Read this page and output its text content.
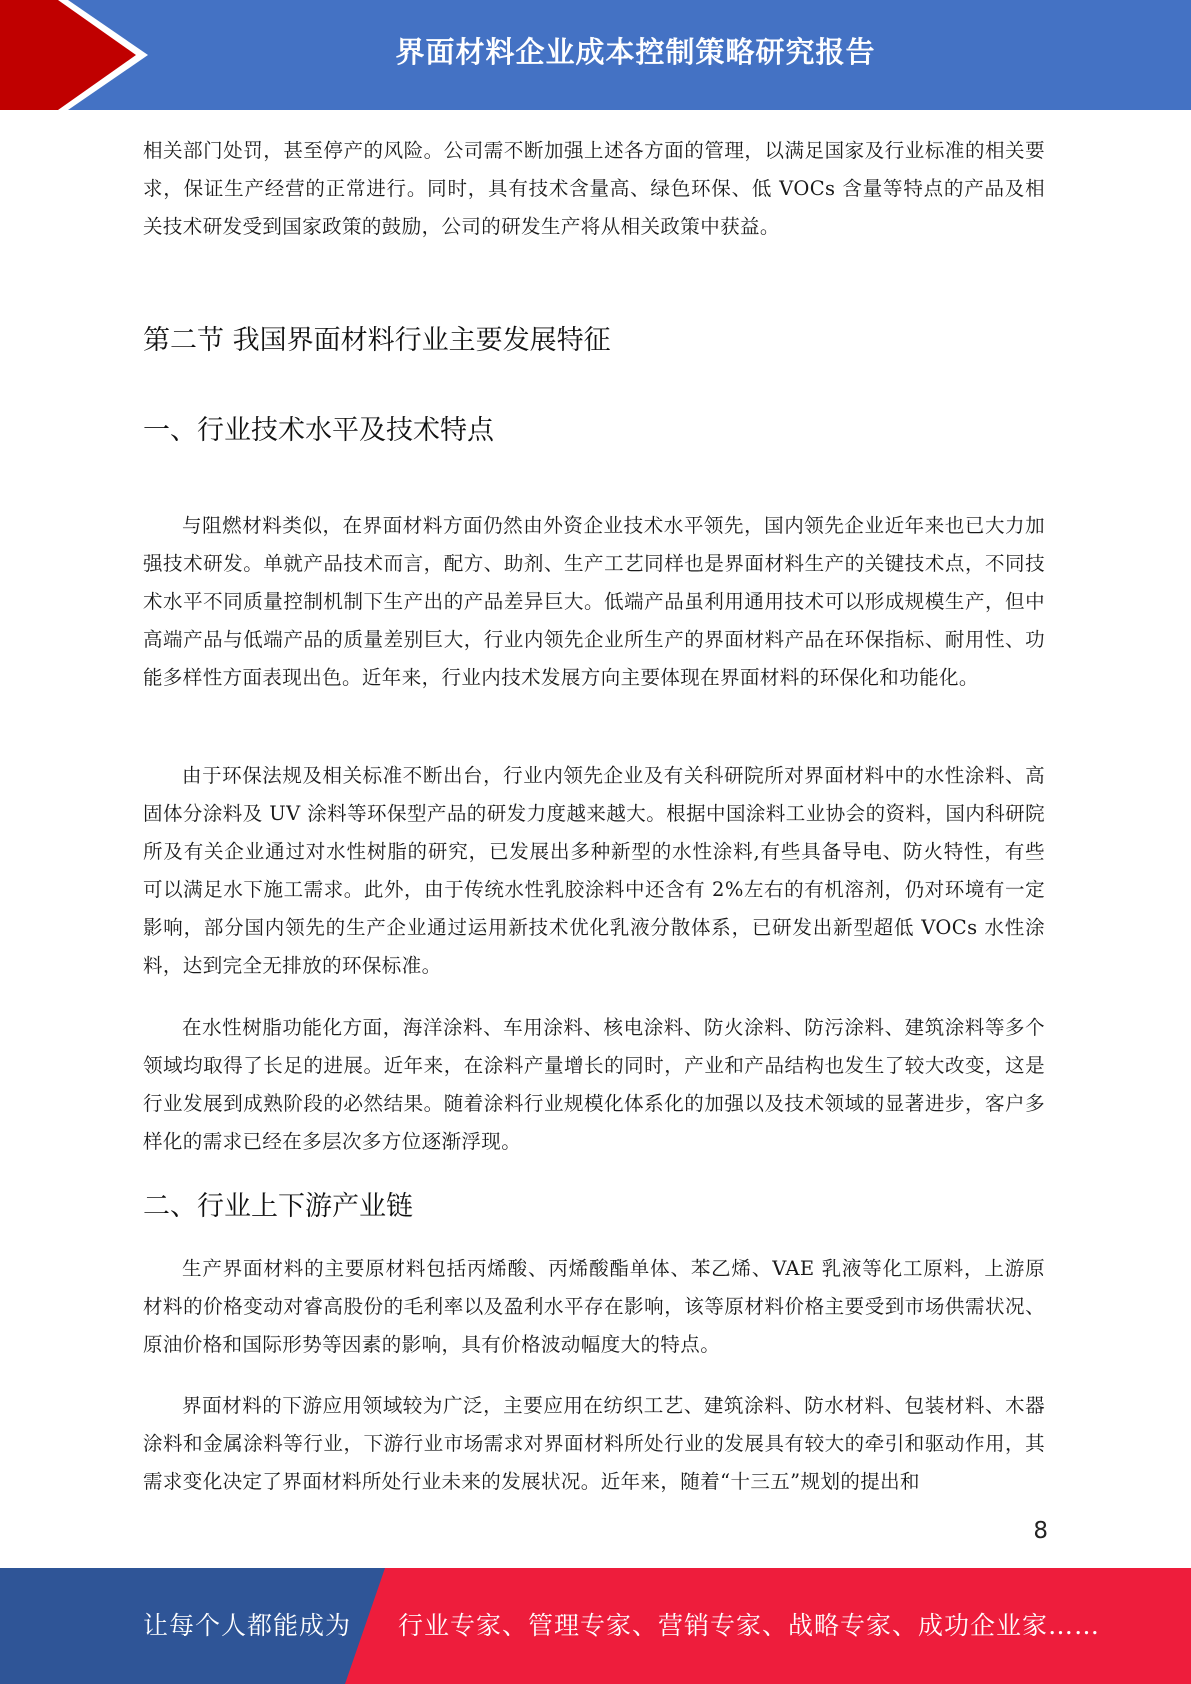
界面材料企业成本控制策略研究报告

相关部门处罚，甚至停产的风险。公司需不断加强上述各方面的管理，以满足国家及行业标准的相关要求，保证生产经营的正常进行。同时，具有技术含量高、绿色环保、低 VOCs 含量等特点的产品及相关技术研发受到国家政策的鼓励，公司的研发生产将从相关政策中获益。

第二节 我国界面材料行业主要发展特征
一、行业技术水平及技术特点

与阻燃材料类似，在界面材料方面仍然由外资企业技术水平领先，国内领先企业近年来也已大力加强技术研发。单就产品技术而言，配方、助剂、生产工艺同样也是界面材料生产的关键技术点，不同技术水平不同质量控制机制下生产出的产品差异巨大。低端产品虽利用通用技术可以形成规模生产，但中高端产品与低端产品的质量差别巨大，行业内领先企业所生产的界面材料产品在环保指标、耐用性、功能多样性方面表现出色。近年来，行业内技术发展方向主要体现在界面材料的环保化和功能化。

由于环保法规及相关标准不断出台，行业内领先企业及有关科研院所对界面材料中的水性涂料、高固体分涂料及 UV 涂料等环保型产品的研发力度越来越大。根据中国涂料工业协会的资料，国内科研院所及有关企业通过对水性树脂的研究，已发展出多种新型的水性涂料,有些具备导电、防火特性，有些可以满足水下施工需求。此外，由于传统水性乳胶涂料中还含有 2%左右的有机溶剂，仍对环境有一定影响，部分国内领先的生产企业通过运用新技术优化乳液分散体系，已研发出新型超低 VOCs 水性涂料，达到完全无排放的环保标准。

在水性树脂功能化方面，海洋涂料、车用涂料、核电涂料、防火涂料、防污涂料、建筑涂料等多个领域均取得了长足的进展。近年来，在涂料产量增长的同时，产业和产品结构也发生了较大改变，这是行业发展到成熟阶段的必然结果。随着涂料行业规模化体系化的加强以及技术领域的显著进步，客户多样化的需求已经在多层次多方位逐渐浮现。

二、行业上下游产业链

生产界面材料的主要原材料包括丙烯酸、丙烯酸酯单体、苯乙烯、VAE 乳液等化工原料，上游原材料的价格变动对睿高股份的毛利率以及盈利水平存在影响，该等原材料价格主要受到市场供需状况、原油价格和国际形势等因素的影响，具有价格波动幅度大的特点。

界面材料的下游应用领域较为广泛，主要应用在纺织工艺、建筑涂料、防水材料、包装材料、木器涂料和金属涂料等行业，下游行业市场需求对界面材料所处行业的发展具有较大的牵引和驱动作用，其需求变化决定了界面材料所处行业未来的发展状况。近年来，随着“十三五”规划的提出和

8
让每个人都能成为 行业专家、管理专家、营销专家、战略专家、成功企业家……
